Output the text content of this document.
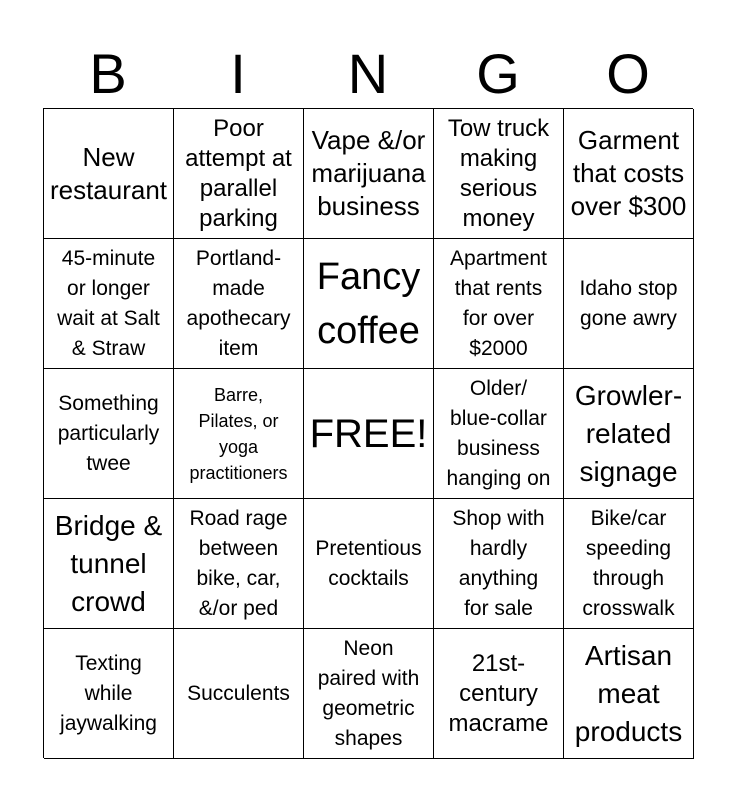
B	I	N	G	O
New
restaurant
Poor
attempt at
parallel
parking
Vape &/or
marijuana
business
Tow truck
making
serious
money
Garment
that costs
over $300
45-minute
or longer
wait at Salt
& Straw
Portland-
made
apothecary
item
Fancy
coffee
Apartment
that rents
for over
$2000
Idaho stop
gone awry
Something
particularly
twee
Barre,
Pilates, or
yoga
practitioners
FREE!
Older/
blue-collar
business
hanging on
Growler-
related
signage
Bridge &
tunnel
crowd
Road rage
between
bike, car,
&/or ped
Pretentious
cocktails
Shop with
hardly
anything
for sale
Bike/car
speeding
through
crosswalk
Texting
while
jaywalking
Succulents
Neon
paired with
geometric
shapes
21st-
century
macrame
Artisan
meat
products
